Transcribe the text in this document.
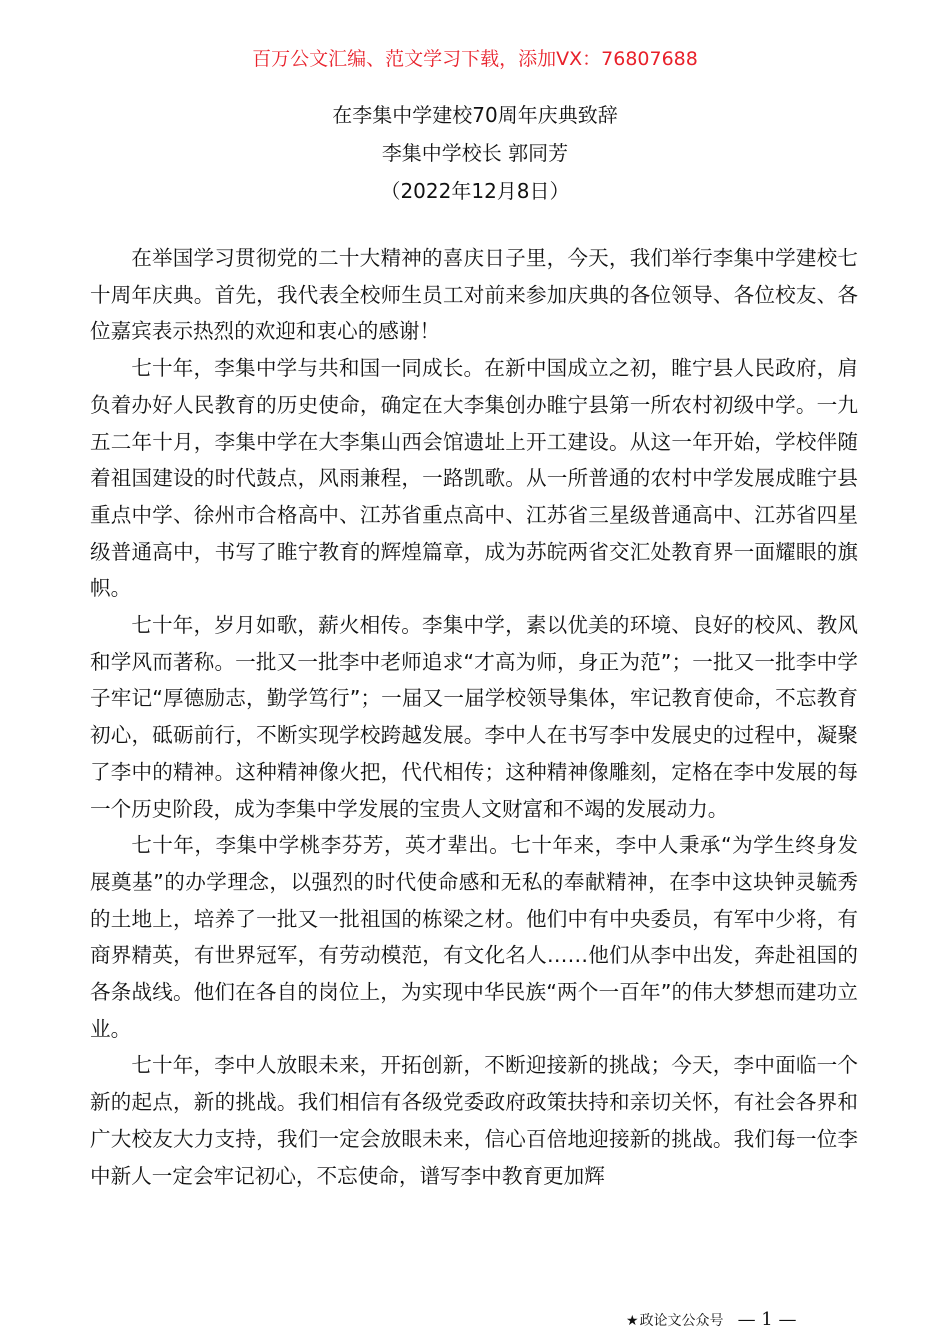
百万公文汇编、范文学习下载，添加VX：76807688
在李集中学建校70周年庆典致辞
李集中学校长 郭同芳
（2022年12月8日）

在举国学习贯彻党的二十大精神的喜庆日子里，今天，我们举行李集中学建校七十周年庆典。首先，我代表全校师生员工对前来参加庆典的各位领导、各位校友、各位嘉宾表示热烈的欢迎和衷心的感谢！

七十年，李集中学与共和国一同成长。在新中国成立之初，睢宁县人民政府，肩负着办好人民教育的历史使命，确定在大李集创办睢宁县第一所农村初级中学。一九五二年十月，李集中学在大李集山西会馆遗址上开工建设。从这一年开始，学校伴随着祖国建设的时代鼓点，风雨兼程，一路凯歌。从一所普通的农村中学发展成睢宁县重点中学、徐州市合格高中、江苏省重点高中、江苏省三星级普通高中、江苏省四星级普通高中，书写了睢宁教育的辉煌篇章，成为苏皖两省交汇处教育界一面耀眼的旗帜。

七十年，岁月如歌，薪火相传。李集中学，素以优美的环境、良好的校风、教风和学风而著称。一批又一批李中老师追求“才高为师，身正为范”；一批又一批李中学子牢记“厚德励志，勤学笃行”；一届又一届学校领导集体，牢记教育使命，不忘教育初心，砥砺前行，不断实现学校跨越发展。李中人在书写李中发展史的过程中，凝聚了李中的精神。这种精神像火把，代代相传；这种精神像雕刻，定格在李中发展的每一个历史阶段，成为李集中学发展的宝贵人文财富和不竭的发展动力。

七十年，李集中学桃李芬芳，英才辈出。七十年来，李中人秉承“为学生终身发展奠基”的办学理念，以强烈的时代使命感和无私的奉献精神，在李中这块钟灵毓秀的土地上，培养了一批又一批祖国的栋梁之材。他们中有中央委员，有军中少将，有商界精英，有世界冠军，有劳动模范，有文化名人……他们从李中出发，奔赴祖国的各条战线。他们在各自的岗位上，为实现中华民族“两个一百年”的伟大梦想而建功立业。

七十年，李中人放眼未来，开拓创新，不断迎接新的挑战；今天，李中面临一个新的起点，新的挑战。我们相信有各级党委政府政策扶持和亲切关怀，有社会各界和广大校友大力支持，我们一定会放眼未来，信心百倍地迎接新的挑战。我们每一位李中新人一定会牢记初心，不忘使命，谱写李中教育更加辉

★政论文公众号 — 1 —
